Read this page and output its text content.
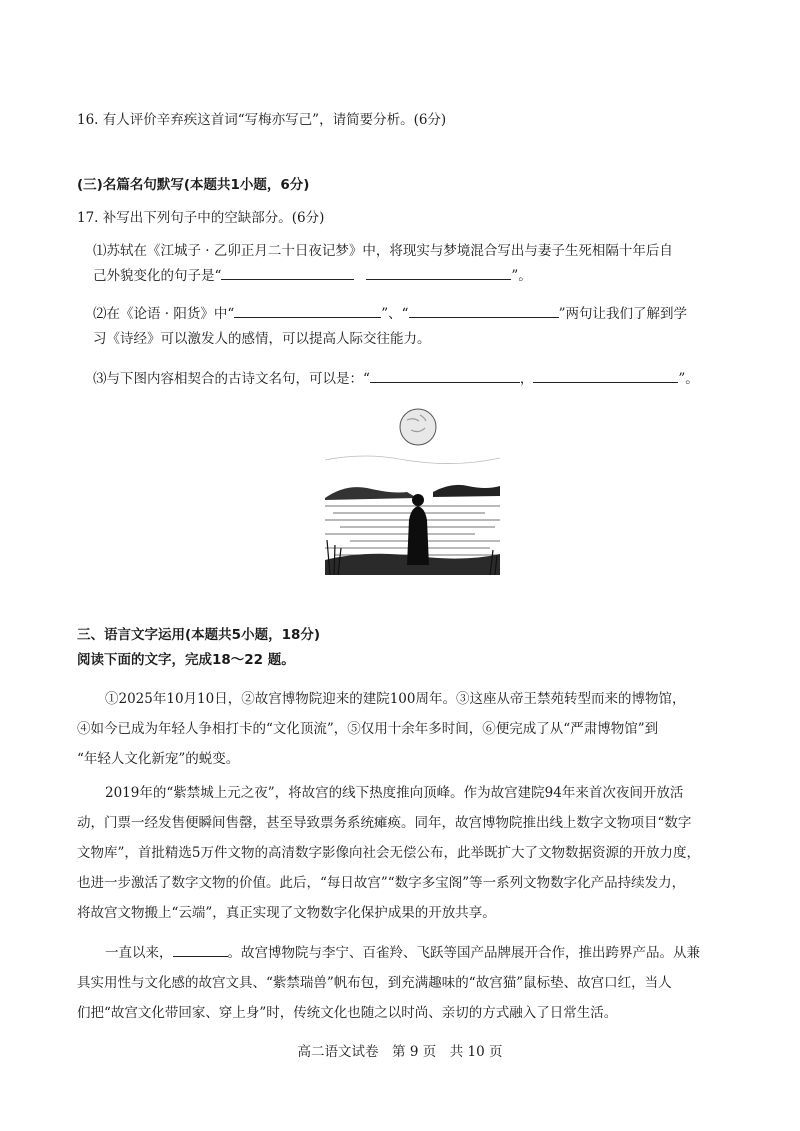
16. 有人评价辛弃疾这首词“写梅亦写己”，请简要分析。(6分)
(三)名篇名句默写(本题共1小题，6分)
17. 补写出下列句子中的空缺部分。(6分)
⑴苏轼在《江城子 · 乙卯正月二十日夜记梦》中，将现实与梦境混合写出与妻子生死相隔十年后自
己外貌变化的句子是“	”。
⑵在《论语 · 阳货》中“	”、“	”两句让我们了解到学
习《诗经》可以激发人的感情，可以提高人际交往能力。
⑶与下图内容相契合的古诗文名句，可以是：“	，	”。
三、语言文字运用(本题共5小题，18分)
阅读下面的文字，完成18～22 题。

①2025年10月10日，②故宫博物院迎来的建院100周年。③这座从帝王禁苑转型而来的博物馆，

④如今已成为年轻人争相打卡的“文化顶流”，⑤仅用十余年多时间，⑥便完成了从“严肃博物馆”到

“年轻人文化新宠”的蜕变。

2019年的“紫禁城上元之夜”，将故宫的线下热度推向顶峰。作为故宫建院94年来首次夜间开放活

动，门票一经发售便瞬间售罄，甚至导致票务系统瘫痪。同年，故宫博物院推出线上数字文物项目“数字

文物库”，首批精选5万件文物的高清数字影像向社会无偿公布，此举既扩大了文物数据资源的开放力度，

也进一步激活了数字文物的价值。此后，“每日故宫”“数字多宝阁”等一系列文物数字化产品持续发力，

将故宫文物搬上“云端”，真正实现了文物数字化保护成果的开放共享。

一直以来，	。故宫博物院与李宁、百雀羚、飞跃等国产品牌展开合作，推出跨界产品。从兼

具实用性与文化感的故宫文具、“紫禁瑞兽”帆布包，到充满趣味的“故宫猫”鼠标垫、故宫口红，当人

们把“故宫文化带回家、穿上身”时，传统文化也随之以时尚、亲切的方式融入了日常生活。

高二语文试卷　第 9 页　共 10 页
